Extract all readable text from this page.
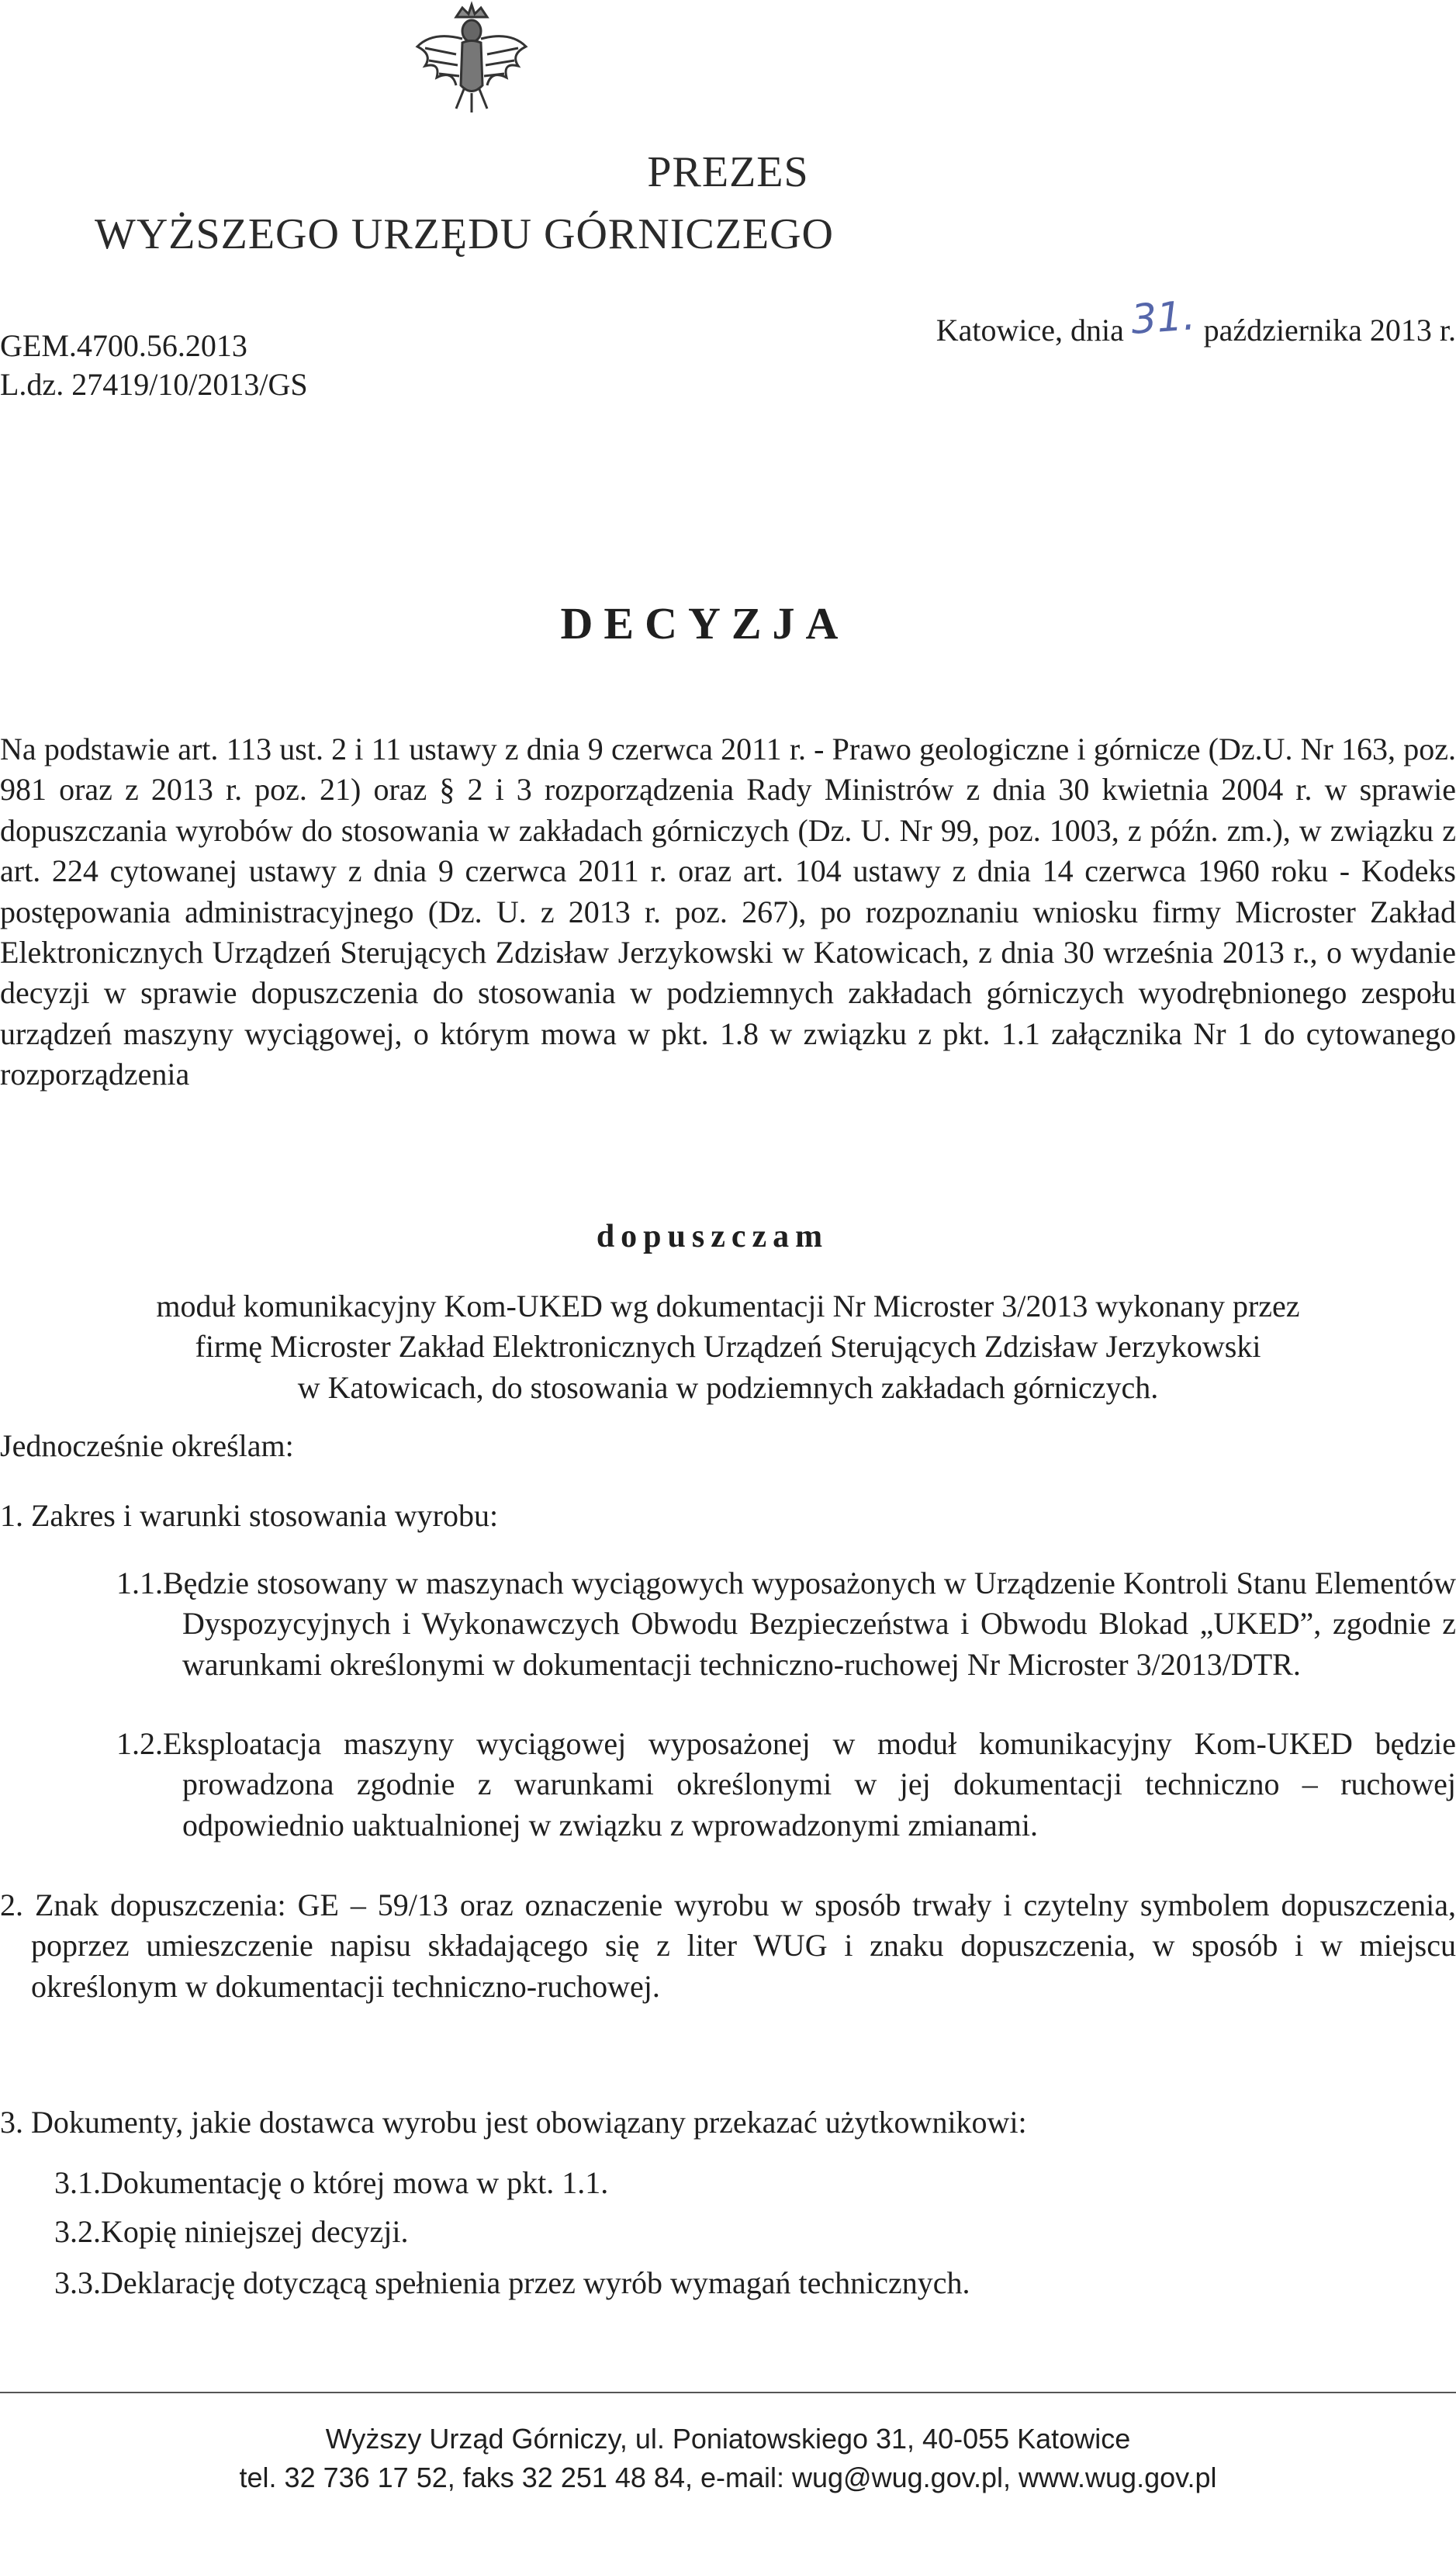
PREZES
WYŻSZEGO URZĘDU GÓRNICZEGO
Katowice, dnia 31. października 2013 r.
GEM.4700.56.2013
L.dz. 27419/10/2013/GS
DECYZJA
Na podstawie art. 113 ust. 2 i 11 ustawy z dnia 9 czerwca 2011 r. - Prawo geologiczne i górnicze (Dz.U. Nr 163, poz. 981 oraz z 2013 r. poz. 21) oraz § 2 i 3 rozporządzenia Rady Ministrów z dnia 30 kwietnia 2004 r. w sprawie dopuszczania wyrobów do stosowania w zakładach górniczych (Dz. U. Nr 99, poz. 1003, z późn. zm.), w związku z art. 224 cytowanej ustawy z dnia 9 czerwca 2011 r. oraz art. 104 ustawy z dnia 14 czerwca 1960 roku - Kodeks postępowania administracyjnego (Dz. U. z 2013 r. poz. 267), po rozpoznaniu wniosku firmy Microster Zakład Elektronicznych Urządzeń Sterujących Zdzisław Jerzykowski w Katowicach, z dnia 30 września 2013 r., o wydanie decyzji w sprawie dopuszczenia do stosowania w podziemnych zakładach górniczych wyodrębnionego zespołu urządzeń maszyny wyciągowej, o którym mowa w pkt. 1.8 w związku z pkt. 1.1 załącznika Nr 1 do cytowanego rozporządzenia
dopuszczam
moduł komunikacyjny Kom-UKED wg dokumentacji Nr Microster 3/2013 wykonany przez
firmę Microster Zakład Elektronicznych Urządzeń Sterujących Zdzisław Jerzykowski
w Katowicach, do stosowania w podziemnych zakładach górniczych.
Jednocześnie określam:
1. Zakres i warunki stosowania wyrobu:
1.1.Będzie stosowany w maszynach wyciągowych wyposażonych w Urządzenie Kontroli Stanu Elementów Dyspozycyjnych i Wykonawczych Obwodu Bezpieczeństwa i Obwodu Blokad „UKED”, zgodnie z warunkami określonymi w dokumentacji techniczno-ruchowej Nr Microster 3/2013/DTR.
1.2.Eksploatacja maszyny wyciągowej wyposażonej w moduł komunikacyjny Kom-UKED będzie prowadzona zgodnie z warunkami określonymi w jej dokumentacji techniczno – ruchowej odpowiednio uaktualnionej w związku z wprowadzonymi zmianami.
2. Znak dopuszczenia: GE – 59/13 oraz oznaczenie wyrobu w sposób trwały i czytelny symbolem dopuszczenia, poprzez umieszczenie napisu składającego się z liter WUG i znaku dopuszczenia, w sposób i w miejscu określonym w dokumentacji techniczno-ruchowej.
3. Dokumenty, jakie dostawca wyrobu jest obowiązany przekazać użytkownikowi:
3.1.Dokumentację o której mowa w pkt. 1.1.
3.2.Kopię niniejszej decyzji.
3.3.Deklarację dotyczącą spełnienia przez wyrób wymagań technicznych.
Wyższy Urząd Górniczy, ul. Poniatowskiego 31, 40-055 Katowice
tel. 32 736 17 52, faks 32 251 48 84, e-mail: wug@wug.gov.pl, www.wug.gov.pl
